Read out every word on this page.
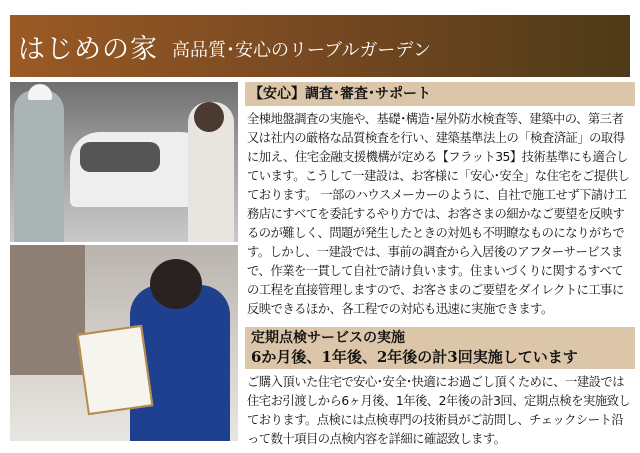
はじめの家 高品質･安心のリーブルガーデン
【安心】調査･審査･サポート
全棟地盤調査の実施や、基礎･構造･屋外防水検査等、建築中の、第三者又は社内の厳格な品質検査を行い、建築基準法上の「検査済証」の取得に加え、住宅金融支援機構が定める【フラット35】技術基準にも適合しています。こうして一建設は、お客様に「安心･安全」な住宅をご提供しております。 一部のハウスメーカーのように、自社で施工せず下請け工務店にすべてを委託するやり方では、お客さまの細かなご要望を反映するのが難しく、問題が発生したときの対処も不明瞭なものになりがちです。しかし、一建設では、事前の調査から入居後のアフターサービスまで、作業を一貫して自社で請け負います。住まいづくりに関するすべての工程を直接管理しますので、お客さまのご要望をダイレクトに工事に反映できるほか、各工程での対応も迅速に実施できます。
定期点検サービスの実施
6か月後、1年後、2年後の計3回実施しています
ご購入頂いた住宅で安心･安全･快適にお過ごし頂くために、一建設では住宅お引渡しから6ヶ月後、1年後、2年後の計3回、定期点検を実施致しております。点検には点検専門の技術員がご訪問し、チェックシート沿って数十項目の点検内容を詳細に確認致します。
